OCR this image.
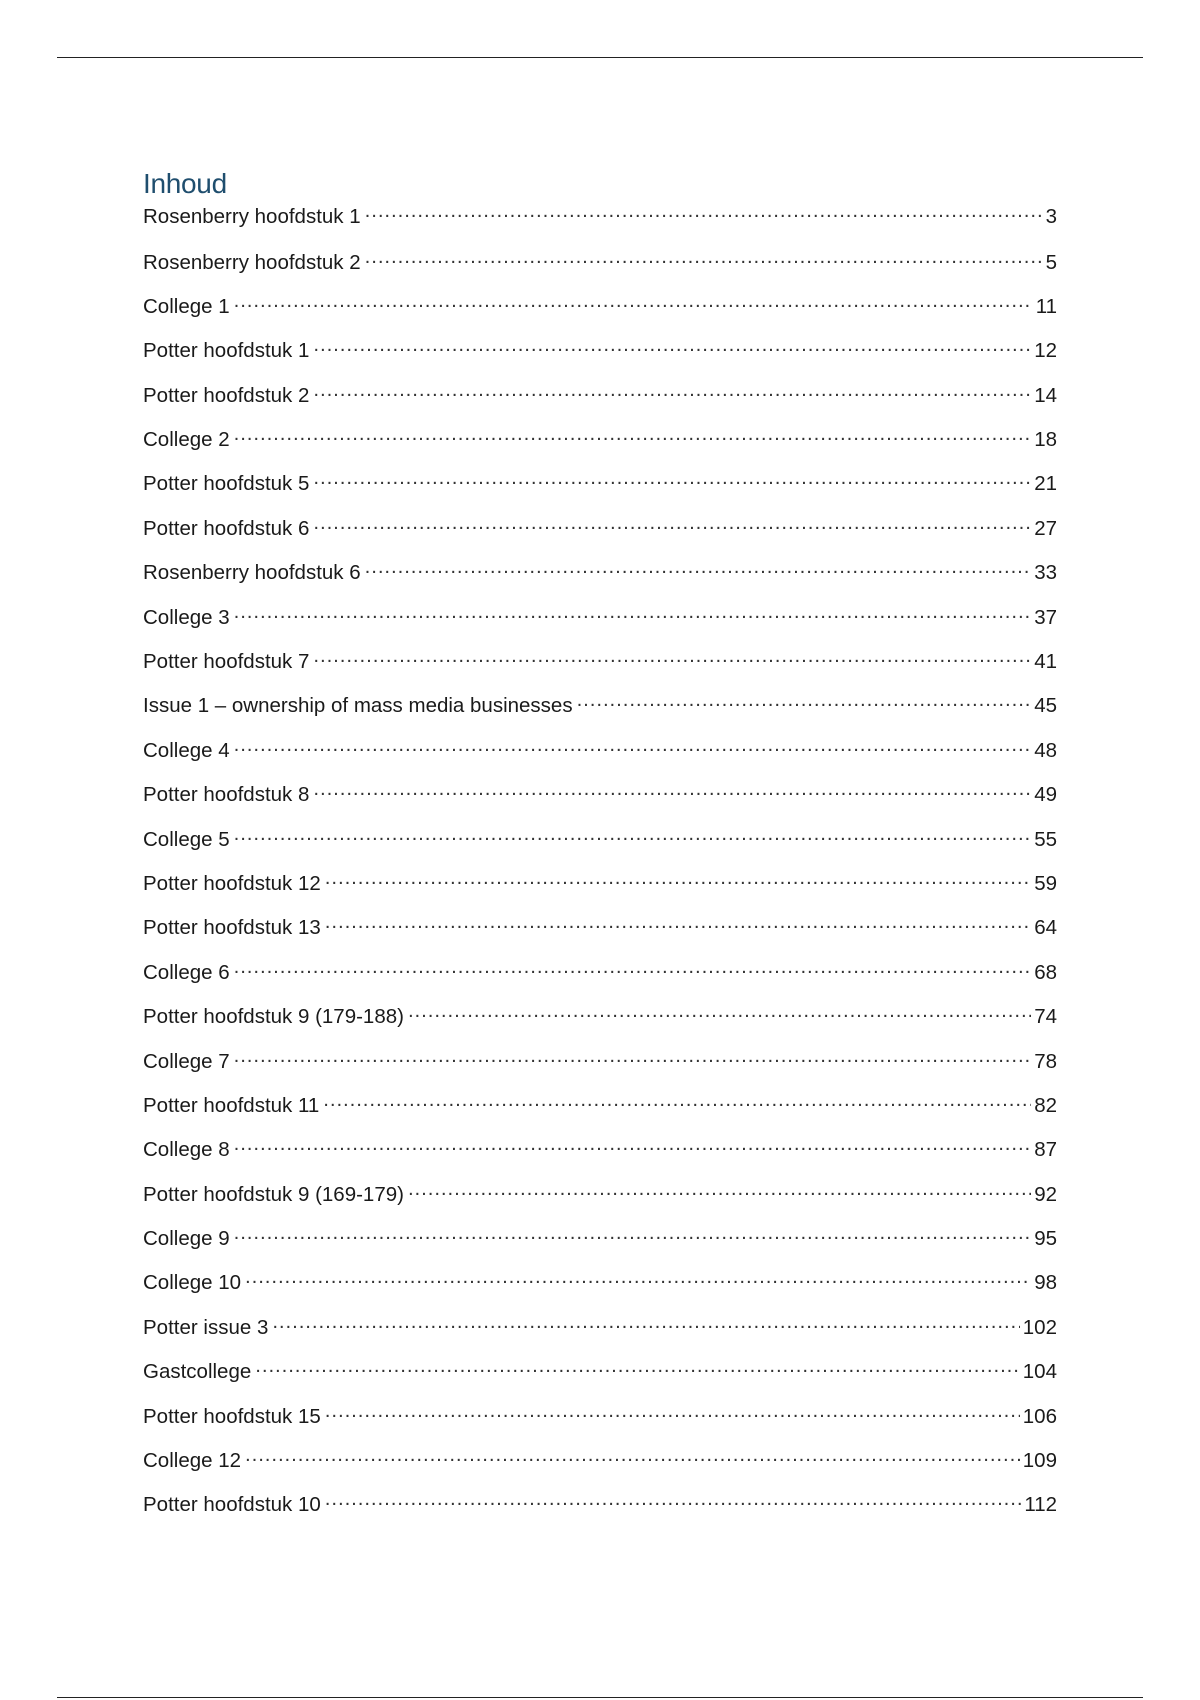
Inhoud
Rosenberry hoofdstuk 1 . . .	3
Rosenberry hoofdstuk 2 . . .	5
College 1 . . .	11
Potter hoofdstuk 1 . . .	12
Potter hoofdstuk 2 . . .	14
College 2 . . .	18
Potter hoofdstuk 5 . . .	21
Potter hoofdstuk 6 . . .	27
Rosenberry hoofdstuk 6 . . .	33
College 3 . . .	37
Potter hoofdstuk 7 . . .	41
Issue 1 – ownership of mass media businesses . . .	45
College 4 . . .	48
Potter hoofdstuk 8 . . .	49
College 5 . . .	55
Potter hoofdstuk 12 . . .	59
Potter hoofdstuk 13 . . .	64
College 6 . . .	68
Potter hoofdstuk 9 (179-188) . . .	74
College 7 . . .	78
Potter hoofdstuk 11 . . .	82
College 8 . . .	87
Potter hoofdstuk 9 (169-179) . . .	92
College 9 . . .	95
College 10 . . .	98
Potter issue 3 . . .	102
Gastcollege . . .	104
Potter hoofdstuk 15 . . .	106
College 12 . . .	109
Potter hoofdstuk 10 . . .	112
